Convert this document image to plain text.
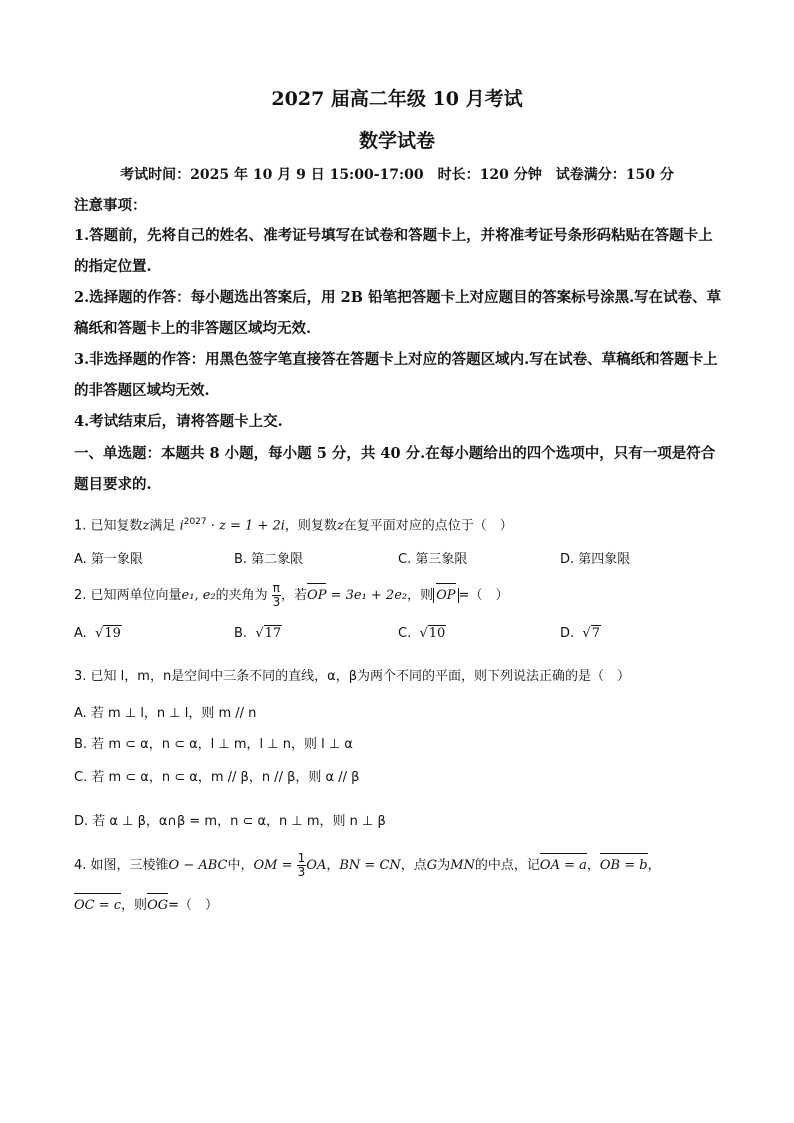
2027 届高二年级 10 月考试
数学试卷
考试时间：2025 年 10 月 9 日 15:00-17:00　时长：120 分钟　试卷满分：150 分
注意事项：
1.答题前，先将自己的姓名、准考证号填写在试卷和答题卡上，并将准考证号条形码粘贴在答题卡上的指定位置.
2.选择题的作答：每小题选出答案后，用 2B 铅笔把答题卡上对应题目的答案标号涂黑.写在试卷、草稿纸和答题卡上的非答题区域均无效.
3.非选择题的作答：用黑色签字笔直接答在答题卡上对应的答题区域内.写在试卷、草稿纸和答题卡上的非答题区域均无效.
4.考试结束后，请将答题卡上交.
一、单选题：本题共 8 小题，每小题 5 分，共 40 分.在每小题给出的四个选项中，只有一项是符合题目要求的.
1. 已知复数z满足 $i^{2027} \cdot z = 1 + 2i$，则复数z在复平面对应的点位于（　）
A. 第一象限	B. 第二象限	C. 第三象限	D. 第四象限
2. 已知两单位向量e₁, e₂的夹角为 $\frac{\pi}{3}$ ，若OP = 3e₁ + 2e₂，则 OP =（　）
A. √19	B. √17	C. √10	D. √7
3. 已知 l，m，n是空间中三条不同的直线，α，β为两个不同的平面，则下列说法正确的是（　）
A. 若 m ⊥ l，n ⊥ l，则 m // n
B. 若 m ⊂ α，n ⊂ α，l ⊥ m，l ⊥ n，则 l ⊥ α
C. 若 m ⊂ α，n ⊂ α，m // β，n // β，则 α // β
D. 若 α ⊥ β，α∩β = m，n ⊂ α，n ⊥ m，则 n ⊥ β
4. 如图，三棱锥O − ABC中，OM = $\frac{1}{3}$ OA，BN = CN，点G为MN的中点，记OA = a，OB = b，
OC = c，则OG=（　）
